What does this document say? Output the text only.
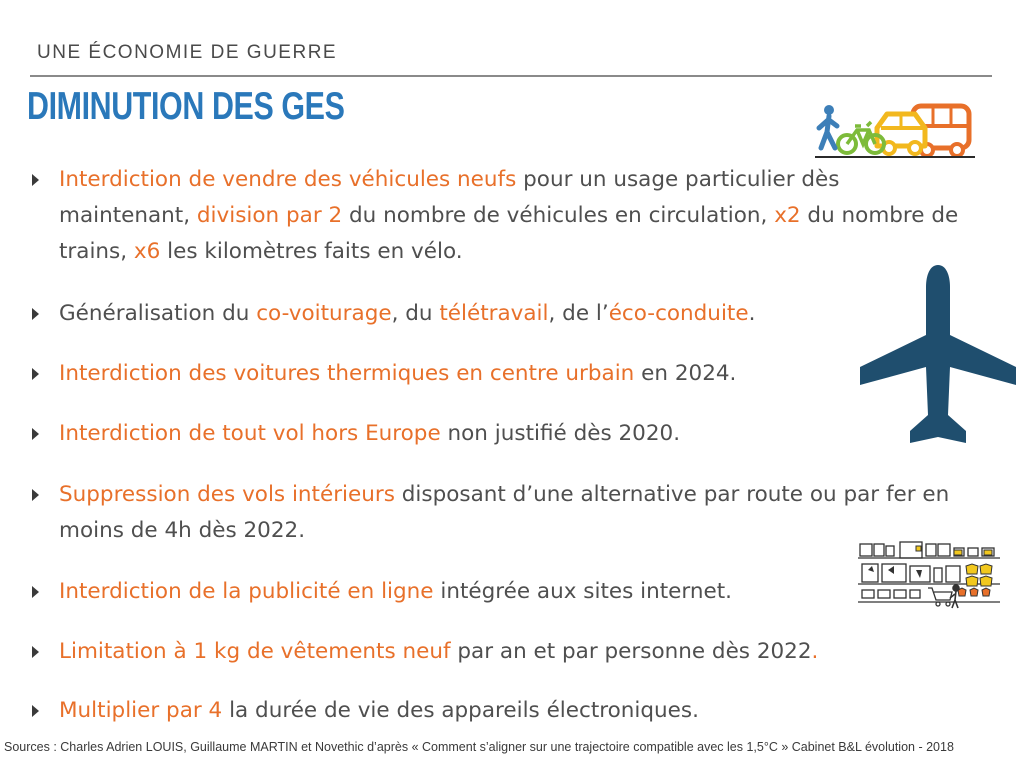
UNE ÉCONOMIE DE GUERRE
DIMINUTION DES GES
Interdiction de vendre des véhicules neufs pour un usage particulier dès maintenant, division par 2 du nombre de véhicules en circulation, x2 du nombre de trains, x6 les kilomètres faits en vélo.
Généralisation du co-voiturage, du télétravail, de l’éco-conduite.
Interdiction des voitures thermiques en centre urbain en 2024.
Interdiction de tout vol hors Europe non justifié dès 2020.
Suppression des vols intérieurs disposant d’une alternative par route ou par fer en moins de 4h dès 2022.
Interdiction de la publicité en ligne intégrée aux sites internet.
Limitation à 1 kg de vêtements neuf par an et par personne dès 2022.
Multiplier par 4 la durée de vie des appareils électroniques.
Sources : Charles Adrien LOUIS, Guillaume MARTIN et Novethic d’après « Comment s’aligner sur une trajectoire compatible avec les 1,5°C » Cabinet B&L évolution - 2018
